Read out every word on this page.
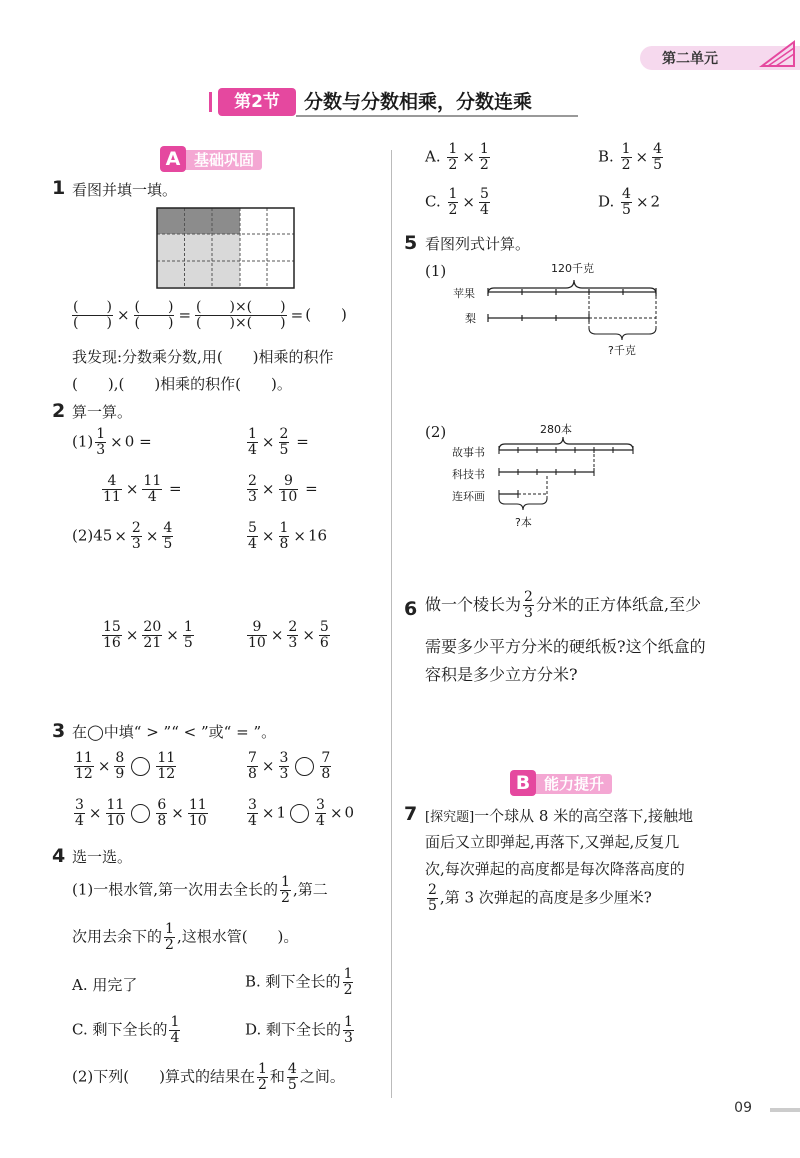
第二单元
第2节	分数与分数相乘，分数连乘
基础巩固
A
1 看图并填一填。
$\frac{( )}{( )} \times \frac{( )}{( )} = \frac{( )\times( )}{( )\times( )}$ = (　　)
我发现:分数乘分数,用(　　)相乘的积作
(　　),(　　)相乘的积作(　　)。
2 算一算。
$(1) \frac{1}{3} \times 0$ =	$\frac{1}{4} \times \frac{2}{5}$ =
$\frac{4}{11} \times \frac{11}{4}$ =	$\frac{2}{3} \times \frac{9}{10}$ =
$(2)45 \times \frac{2}{3} \times \frac{4}{5}$	$\frac{5}{4} \times \frac{1}{8} \times 16$
$\frac{15}{16} \times \frac{20}{21} \times \frac{1}{5}$	$\frac{9}{10} \times \frac{2}{3} \times \frac{5}{6}$
3 在◯中填“ > ”“ < ”或“ = ”。
$\frac{11}{12} \times \frac{8}{9} \frac{11}{12}$	$\frac{7}{8} \times \frac{3}{3} \frac{7}{8}$
$\frac{3}{4} \times \frac{11}{10} \frac{6}{8} \times \frac{11}{10}$	$\frac{3}{4} \times 1 \frac{3}{4} \times 0$
4 选一选。
(1)一根水管,第一次用去全长的 $\frac{1}{2}$ ,第二
次用去余下的 $\frac{1}{2}$ ,这根水管(　　)。
A. 用完了	B. 剩下全长的 $\frac{1}{2}$
C. 剩下全长的 $\frac{1}{4}$	D. 剩下全长的 $\frac{1}{3}$
(2)下列(　　)算式的结果在 $\frac{1}{2}$ 和 $\frac{4}{5}$ 之间。
A. $\frac{1}{2} \times \frac{1}{2}$	B. $\frac{1}{2} \times \frac{4}{5}$
C. $\frac{1}{2} \times \frac{5}{4}$	D. $\frac{4}{5} \times 2$
5 看图列式计算。
(1)	120千克
苹果
梨
?千克
(2)	280本
故事书
科技书
连环画
?本
6 做一个棱长为 $\frac{2}{3}$ 分米的正方体纸盒,至少
需要多少平方分米的硬纸板?这个纸盒的
容积是多少立方分米?
能力提升
B
7 [探究题]一个球从 8 米的高空落下,接触地
面后又立即弹起,再落下,又弹起,反复几
次,每次弹起的高度都是每次降落高度的
$\frac{2}{5}$ ,第 3 次弹起的高度是多少厘米?
09
